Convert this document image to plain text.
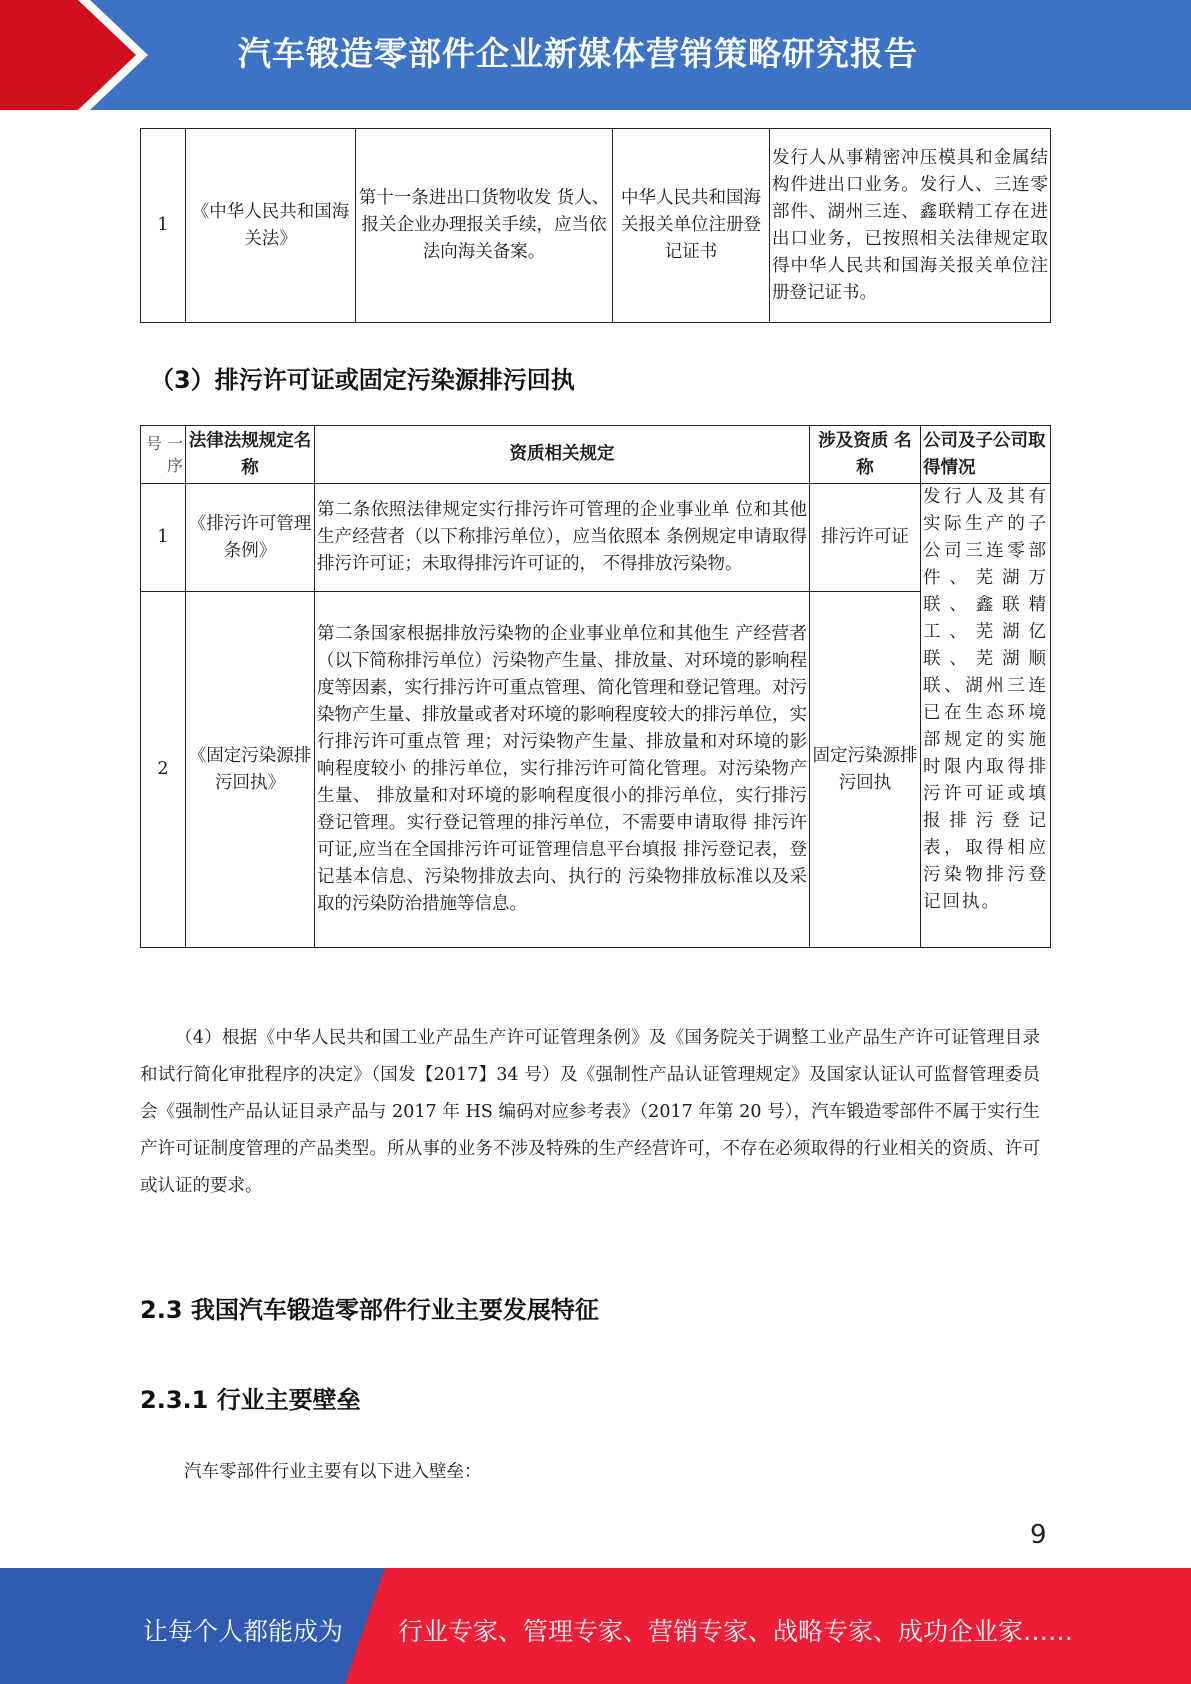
汽车锻造零部件企业新媒体营销策略研究报告
1	《中华人民共和国海关法》	第十一条进出口货物收发 货人、报关企业办理报关手续，应当依法向海关备案。	中华人民共和国海关报关单位注册登记证书	发行人从事精密冲压模具和金属结构件进出口业务。发行人、三连零部件、湖州三连、鑫联精工存在进出口业务，已按照相关法律规定取得中华人民共和国海关报关单位注册登记证书。
（3）排污许可证或固定污染源排污回执
号 一
序	法律法规规定名称	资质相关规定	涉及资质 名称	公司及子公司取得情况
1	《排污许可管理条例》	第二条依照法律规定实行排污许可管理的企业事业单 位和其他生产经营者（以下称排污单位），应当依照本 条例规定申请取得排污许可证；未取得排污许可证的， 不得排放污染物。	排污许可证	发行人及其有实际生产的子公司三连零部件、芜湖万联、鑫联精工、芜湖亿联、芜湖顺联、湖州三连已在生态环境部规定的实施时限内取得排污许可证或填报排污登记表，取得相应污染物排污登记回执。
2	《固定污染源排污回执》	第二条国家根据排放污染物的企业事业单位和其他生 产经营者（以下简称排污单位）污染物产生量、排放量、对环境的影响程度等因素，实行排污许可重点管理、简化管理和登记管理。对污染物产生量、排放量或者对环境的影响程度较大的排污单位，实行排污许可重点管 理；对污染物产生量、排放量和对环境的影响程度较小 的排污单位，实行排污许可简化管理。对污染物产生量、 排放量和对环境的影响程度很小的排污单位，实行排污 登记管理。实行登记管理的排污单位，不需要申请取得 排污许可证,应当在全国排污许可证管理信息平台填报 排污登记表，登记基本信息、污染物排放去向、执行的 污染物排放标准以及采取的污染防治措施等信息。	固定污染源排污回执	
（4）根据《中华人民共和国工业产品生产许可证管理条例》及《国务院关于调整工业产品生产许可证管理目录和试行简化审批程序的决定》（国发【2017】34 号）及《强制性产品认证管理规定》及国家认证认可监督管理委员会《强制性产品认证目录产品与 2017 年 HS 编码对应参考表》（2017 年第 20 号），汽车锻造零部件不属于实行生产许可证制度管理的产品类型。所从事的业务不涉及特殊的生产经营许可，不存在必须取得的行业相关的资质、许可或认证的要求。
2.3 我国汽车锻造零部件行业主要发展特征
2.3.1 行业主要壁垒
汽车零部件行业主要有以下进入壁垒：
9
让每个人都能成为 行业专家、管理专家、营销专家、战略专家、成功企业家……
